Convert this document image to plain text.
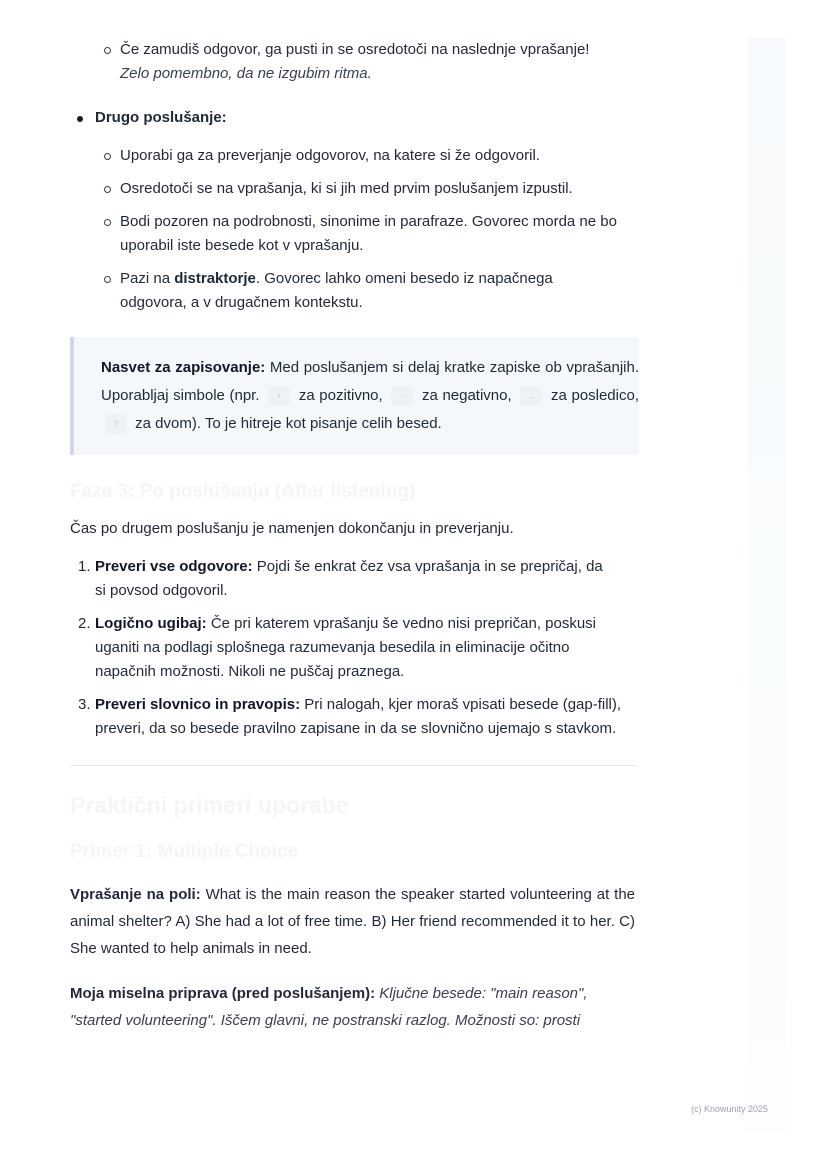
Če zamudiš odgovor, ga pusti in se osredotoči na naslednje vprašanje!
Zelo pomembno, da ne izgubim ritma.
Drugo poslušanje:
Uporabi ga za preverjanje odgovorov, na katere si že odgovoril.
Osredotoči se na vprašanja, ki si jih med prvim poslušanjem izpustil.
Bodi pozoren na podrobnosti, sinonime in parafraze. Govorec morda ne bo uporabil iste besede kot v vprašanju.
Pazi na distraktorje. Govorec lahko omeni besedo iz napačnega odgovora, a v drugačnem kontekstu.
Nasvet za zapisovanje: Med poslušanjem si delaj kratke zapiske ob vprašanjih. Uporabljaj simbole (npr. + za pozitivno, - za negativno, → za posledico, ? za dvom). To je hitreje kot pisanje celih besed.
Faza 3: Po poslušanju (After listening)

Čas po drugem poslušanju je namenjen dokončanju in preverjanju.

1. Preveri vse odgovore: Pojdi še enkrat čez vsa vprašanja in se prepričaj, da si povsod odgovoril.
2. Logično ugibaj: Če pri katerem vprašanju še vedno nisi prepričan, poskusi uganiti na podlagi splošnega razumevanja besedila in eliminacije očitno napačnih možnosti. Nikoli ne puščaj praznega.
3. Preveri slovnico in pravopis: Pri nalogah, kjer moraš vpisati besede (gap-fill), preveri, da so besede pravilno zapisane in da se slovnično ujemajo s stavkom.
Praktični primeri uporabe
Primer 1: Multiple Choice

Vprašanje na poli: What is the main reason the speaker started volunteering at the animal shelter? A) She had a lot of free time. B) Her friend recommended it to her. C) She wanted to help animals in need.

Moja miselna priprava (pred poslušanjem): Ključne besede: "main reason", "started volunteering". Iščem glavni, ne postranski razlog. Možnosti so: prosti

(c) Knowunity 2025
